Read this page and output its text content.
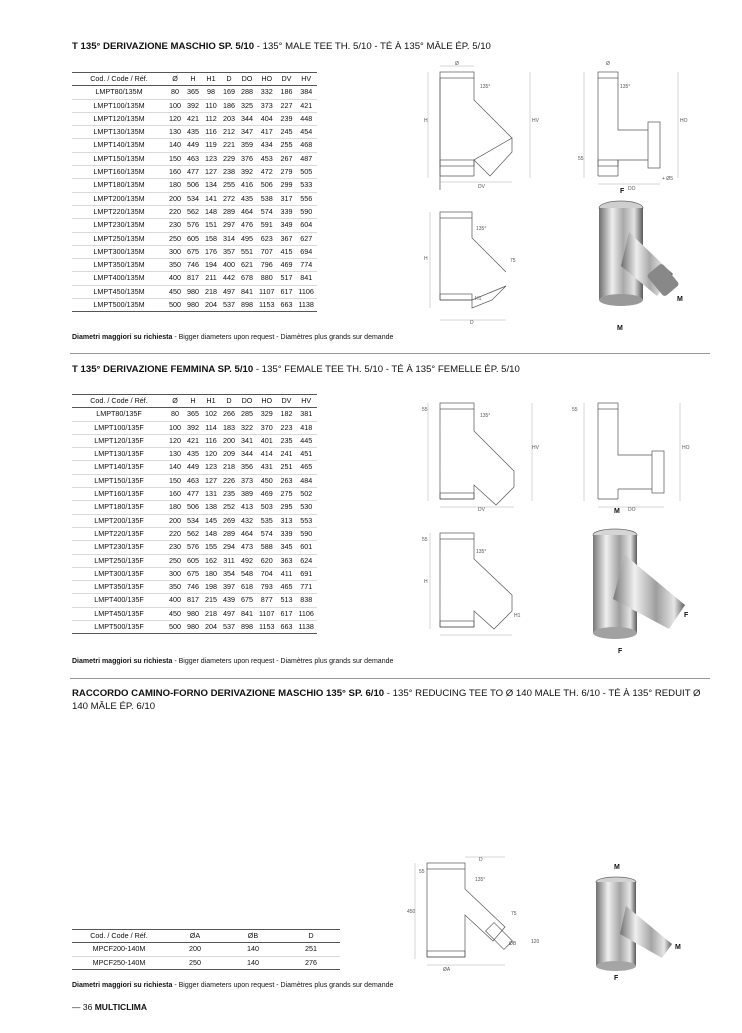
T 135° DERIVAZIONE MASCHIO SP. 5/10 - 135° MALE TEE TH. 5/10 - TÉ À 135° MÂLE ÉP. 5/10
Cod. / Code / Réf.	Ø	H	H1	D	DO	HO	DV	HV
LMPT80/135M	80	365	98	169	288	332	186	384
LMPT100/135M	100	392	110	186	325	373	227	421
LMPT120/135M	120	421	112	203	344	404	239	448
LMPT130/135M	130	435	116	212	347	417	245	454
LMPT140/135M	140	449	119	221	359	434	255	468
LMPT150/135M	150	463	123	229	376	453	267	487
LMPT160/135M	160	477	127	238	392	472	279	505
LMPT180/135M	180	506	134	255	416	506	299	533
LMPT200/135M	200	534	141	272	435	538	317	556
LMPT220/135M	220	562	148	289	464	574	339	590
LMPT230/135M	230	576	151	297	476	591	349	604
LMPT250/135M	250	605	158	314	495	623	367	627
LMPT300/135M	300	675	176	357	551	707	415	694
LMPT350/135M	350	746	194	400	621	796	469	774
LMPT400/135M	400	817	211	442	678	880	517	841
LMPT450/135M	450	980	218	497	841	1107	617	1106
LMPT500/135M	500	980	204	537	898	1153	663	1138
Diametri maggiori su richiesta - Bigger diameters upon request - Diamètres plus grands sur demande
Ø
135°
H	HV
DV
Ø
135°
55
HO
DO
+ Ø5
135°
75
H
H1
D
F
M
M
T 135° DERIVAZIONE FEMMINA SP. 5/10 - 135° FEMALE TEE TH. 5/10 - TÉ À 135° FEMELLE ÉP. 5/10
Cod. / Code / Réf.	Ø	H	H1	D	DO	HO	DV	HV
LMPT80/135F	80	365	102	266	285	329	182	381
LMPT100/135F	100	392	114	183	322	370	223	418
LMPT120/135F	120	421	116	200	341	401	235	445
LMPT130/135F	130	435	120	209	344	414	241	451
LMPT140/135F	140	449	123	218	356	431	251	465
LMPT150/135F	150	463	127	226	373	450	263	484
LMPT160/135F	160	477	131	235	389	469	275	502
LMPT180/135F	180	506	138	252	413	503	295	530
LMPT200/135F	200	534	145	269	432	535	313	553
LMPT220/135F	220	562	148	289	464	574	339	590
LMPT230/135F	230	576	155	294	473	588	345	601
LMPT250/135F	250	605	162	311	492	620	363	624
LMPT300/135F	300	675	180	354	548	704	411	691
LMPT350/135F	350	746	198	397	618	793	465	771
LMPT400/135F	400	817	215	439	675	877	513	838
LMPT450/135F	450	980	218	497	841	1107	617	1106
LMPT500/135F	500	980	204	537	898	1153	663	1138
Diametri maggiori su richiesta - Bigger diameters upon request - Diamètres plus grands sur demande
135°
55
HV
DV
55
HO
DO
135°
55
H1
H
M
F
F
RACCORDO CAMINO-FORNO DERIVAZIONE MASCHIO 135° SP. 6/10 - 135° REDUCING TEE TO Ø 140 MALE TH. 6/10 - TÉ À 135° REDUIT Ø 140 MÂLE ÉP. 6/10
Cod. / Code / Réf.	ØA	ØB	D
MPCF200-140M	200	140	251
MPCF250-140M	250	140	276
Diametri maggiori su richiesta - Bigger diameters upon request - Diamètres plus grands sur demande
D
135°
450	75
ØB	120
ØA
55
M
M
F
— 36 MULTICLIMA
